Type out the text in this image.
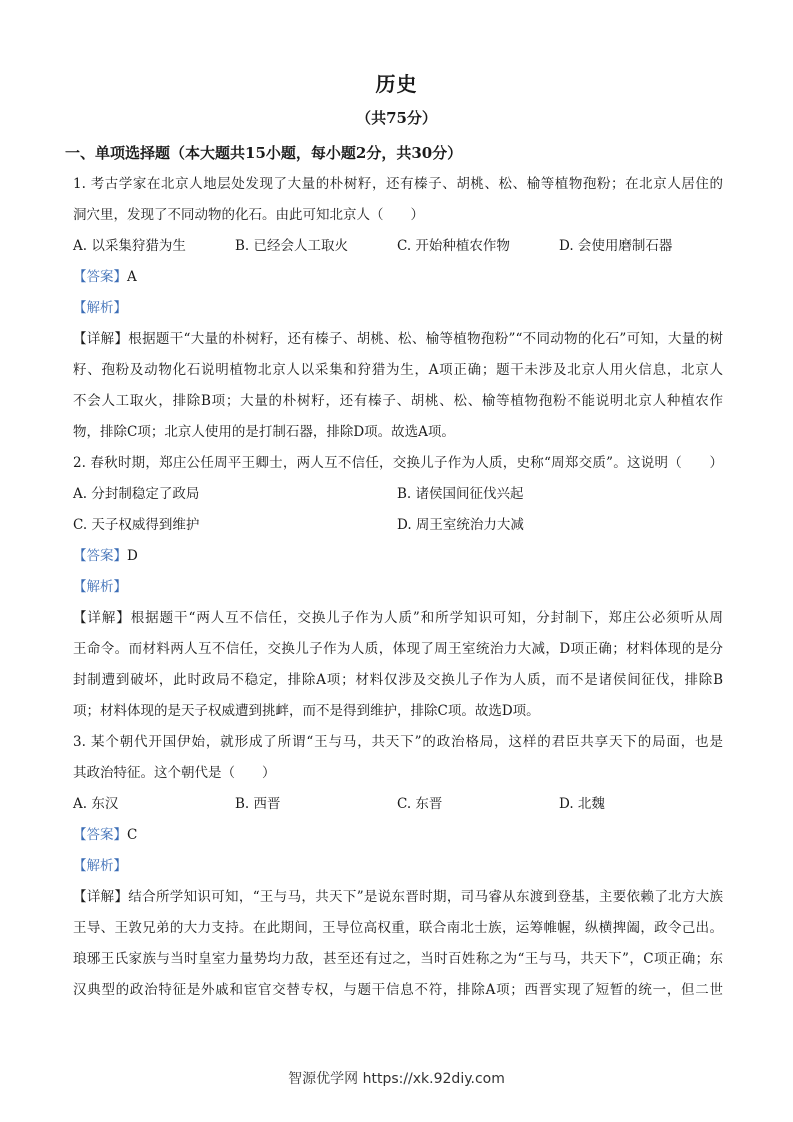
历史
（共75分）
一、单项选择题（本大题共15小题，每小题2分，共30分）
1. 考古学家在北京人地层处发现了大量的朴树籽，还有榛子、胡桃、松、榆等植物孢粉；在北京人居住的
洞穴里，发现了不同动物的化石。由此可知北京人（　　）
A. 以采集狩猎为生	B. 已经会人工取火	C. 开始种植农作物	D. 会使用磨制石器
【答案】A
【解析】
【详解】根据题干“大量的朴树籽，还有榛子、胡桃、松、榆等植物孢粉”“不同动物的化石”可知，大量的树
籽、孢粉及动物化石说明植物北京人以采集和狩猎为生，A项正确；题干未涉及北京人用火信息，北京人
不会人工取火，排除B项；大量的朴树籽，还有榛子、胡桃、松、榆等植物孢粉不能说明北京人种植农作
物，排除C项；北京人使用的是打制石器，排除D项。故选A项。
2. 春秋时期，郑庄公任周平王卿士，两人互不信任，交换儿子作为人质，史称“周郑交质”。这说明（　　）
A. 分封制稳定了政局	B. 诸侯国间征伐兴起
C. 天子权威得到维护	D. 周王室统治力大减
【答案】D
【解析】
【详解】根据题干“两人互不信任，交换儿子作为人质”和所学知识可知，分封制下，郑庄公必须听从周
王命令。而材料两人互不信任，交换儿子作为人质，体现了周王室统治力大减，D项正确；材料体现的是分
封制遭到破坏，此时政局不稳定，排除A项；材料仅涉及交换儿子作为人质，而不是诸侯间征伐，排除B
项；材料体现的是天子权威遭到挑衅，而不是得到维护，排除C项。故选D项。
3. 某个朝代开国伊始，就形成了所谓“王与马，共天下”的政治格局，这样的君臣共享天下的局面，也是
其政治特征。这个朝代是（　　）
A. 东汉	B. 西晋	C. 东晋	D. 北魏
【答案】C
【解析】
【详解】结合所学知识可知，“王与马，共天下”是说东晋时期，司马睿从东渡到登基，主要依赖了北方大族
王导、王敦兄弟的大力支持。在此期间，王导位高权重，联合南北士族，运筹帷幄，纵横捭阖，政令己出。
琅琊王氏家族与当时皇室力量势均力敌，甚至还有过之，当时百姓称之为“王与马，共天下”，C项正确；东
汉典型的政治特征是外戚和宦官交替专权，与题干信息不符，排除A项；西晋实现了短暂的统一，但二世
智源优学网 https://xk.92diy.com
